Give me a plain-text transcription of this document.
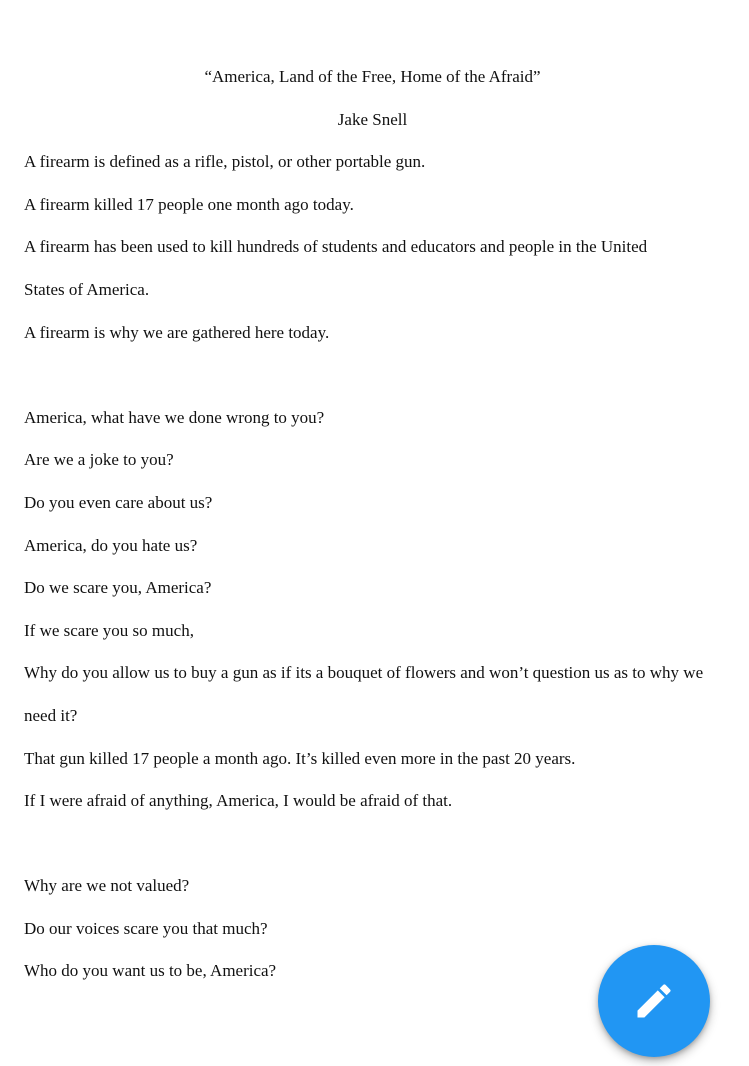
“America, Land of the Free, Home of the Afraid”

Jake Snell

A firearm is defined as a rifle, pistol, or other portable gun.

A firearm killed 17 people one month ago today.

A firearm has been used to kill hundreds of students and educators and people in the United States of America.

A firearm is why we are gathered here today.

America, what have we done wrong to you?

Are we a joke to you?

Do you even care about us?

America, do you hate us?

Do we scare you, America?

If we scare you so much,

Why do you allow us to buy a gun as if its a bouquet of flowers and won’t question us as to why we need it?

That gun killed 17 people a month ago. It’s killed even more in the past 20 years.

If I were afraid of anything, America, I would be afraid of that.

Why are we not valued?

Do our voices scare you that much?

Who do you want us to be, America?
